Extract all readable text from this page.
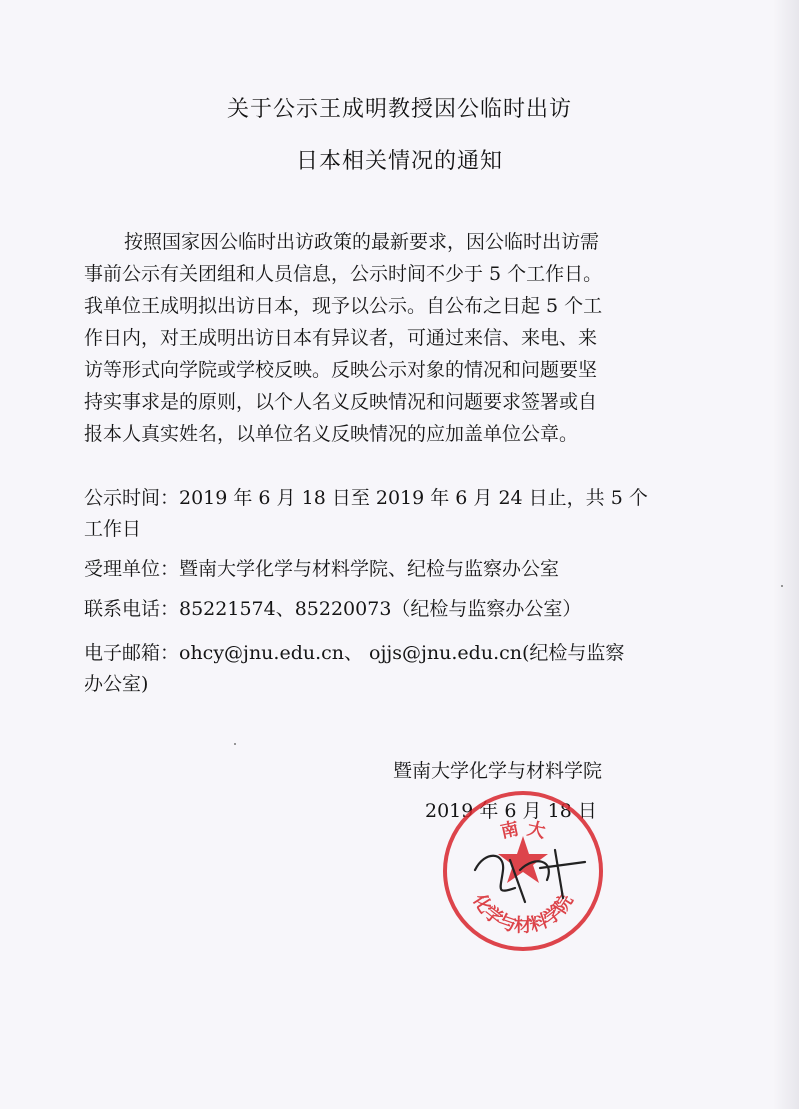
关于公示王成明教授因公临时出访
日本相关情况的通知
按照国家因公临时出访政策的最新要求，因公临时出访需
事前公示有关团组和人员信息，公示时间不少于 5 个工作日。
我单位王成明拟出访日本，现予以公示。自公布之日起 5 个工
作日内，对王成明出访日本有异议者，可通过来信、来电、来
访等形式向学院或学校反映。反映公示对象的情况和问题要坚
持实事求是的原则，以个人名义反映情况和问题要求签署或自
报本人真实姓名，以单位名义反映情况的应加盖单位公章。
公示时间：2019 年 6 月 18 日至 2019 年 6 月 24 日止，共 5 个
工作日
受理单位：暨南大学化学与材料学院、纪检与监察办公室
联系电话：85221574、85220073（纪检与监察办公室）
电子邮箱：ohcy@jnu.edu.cn、 ojjs@jnu.edu.cn(纪检与监察
办公室)
暨南大学化学与材料学院
2019 年 6 月 18 日
南 大
化学与材料学院
